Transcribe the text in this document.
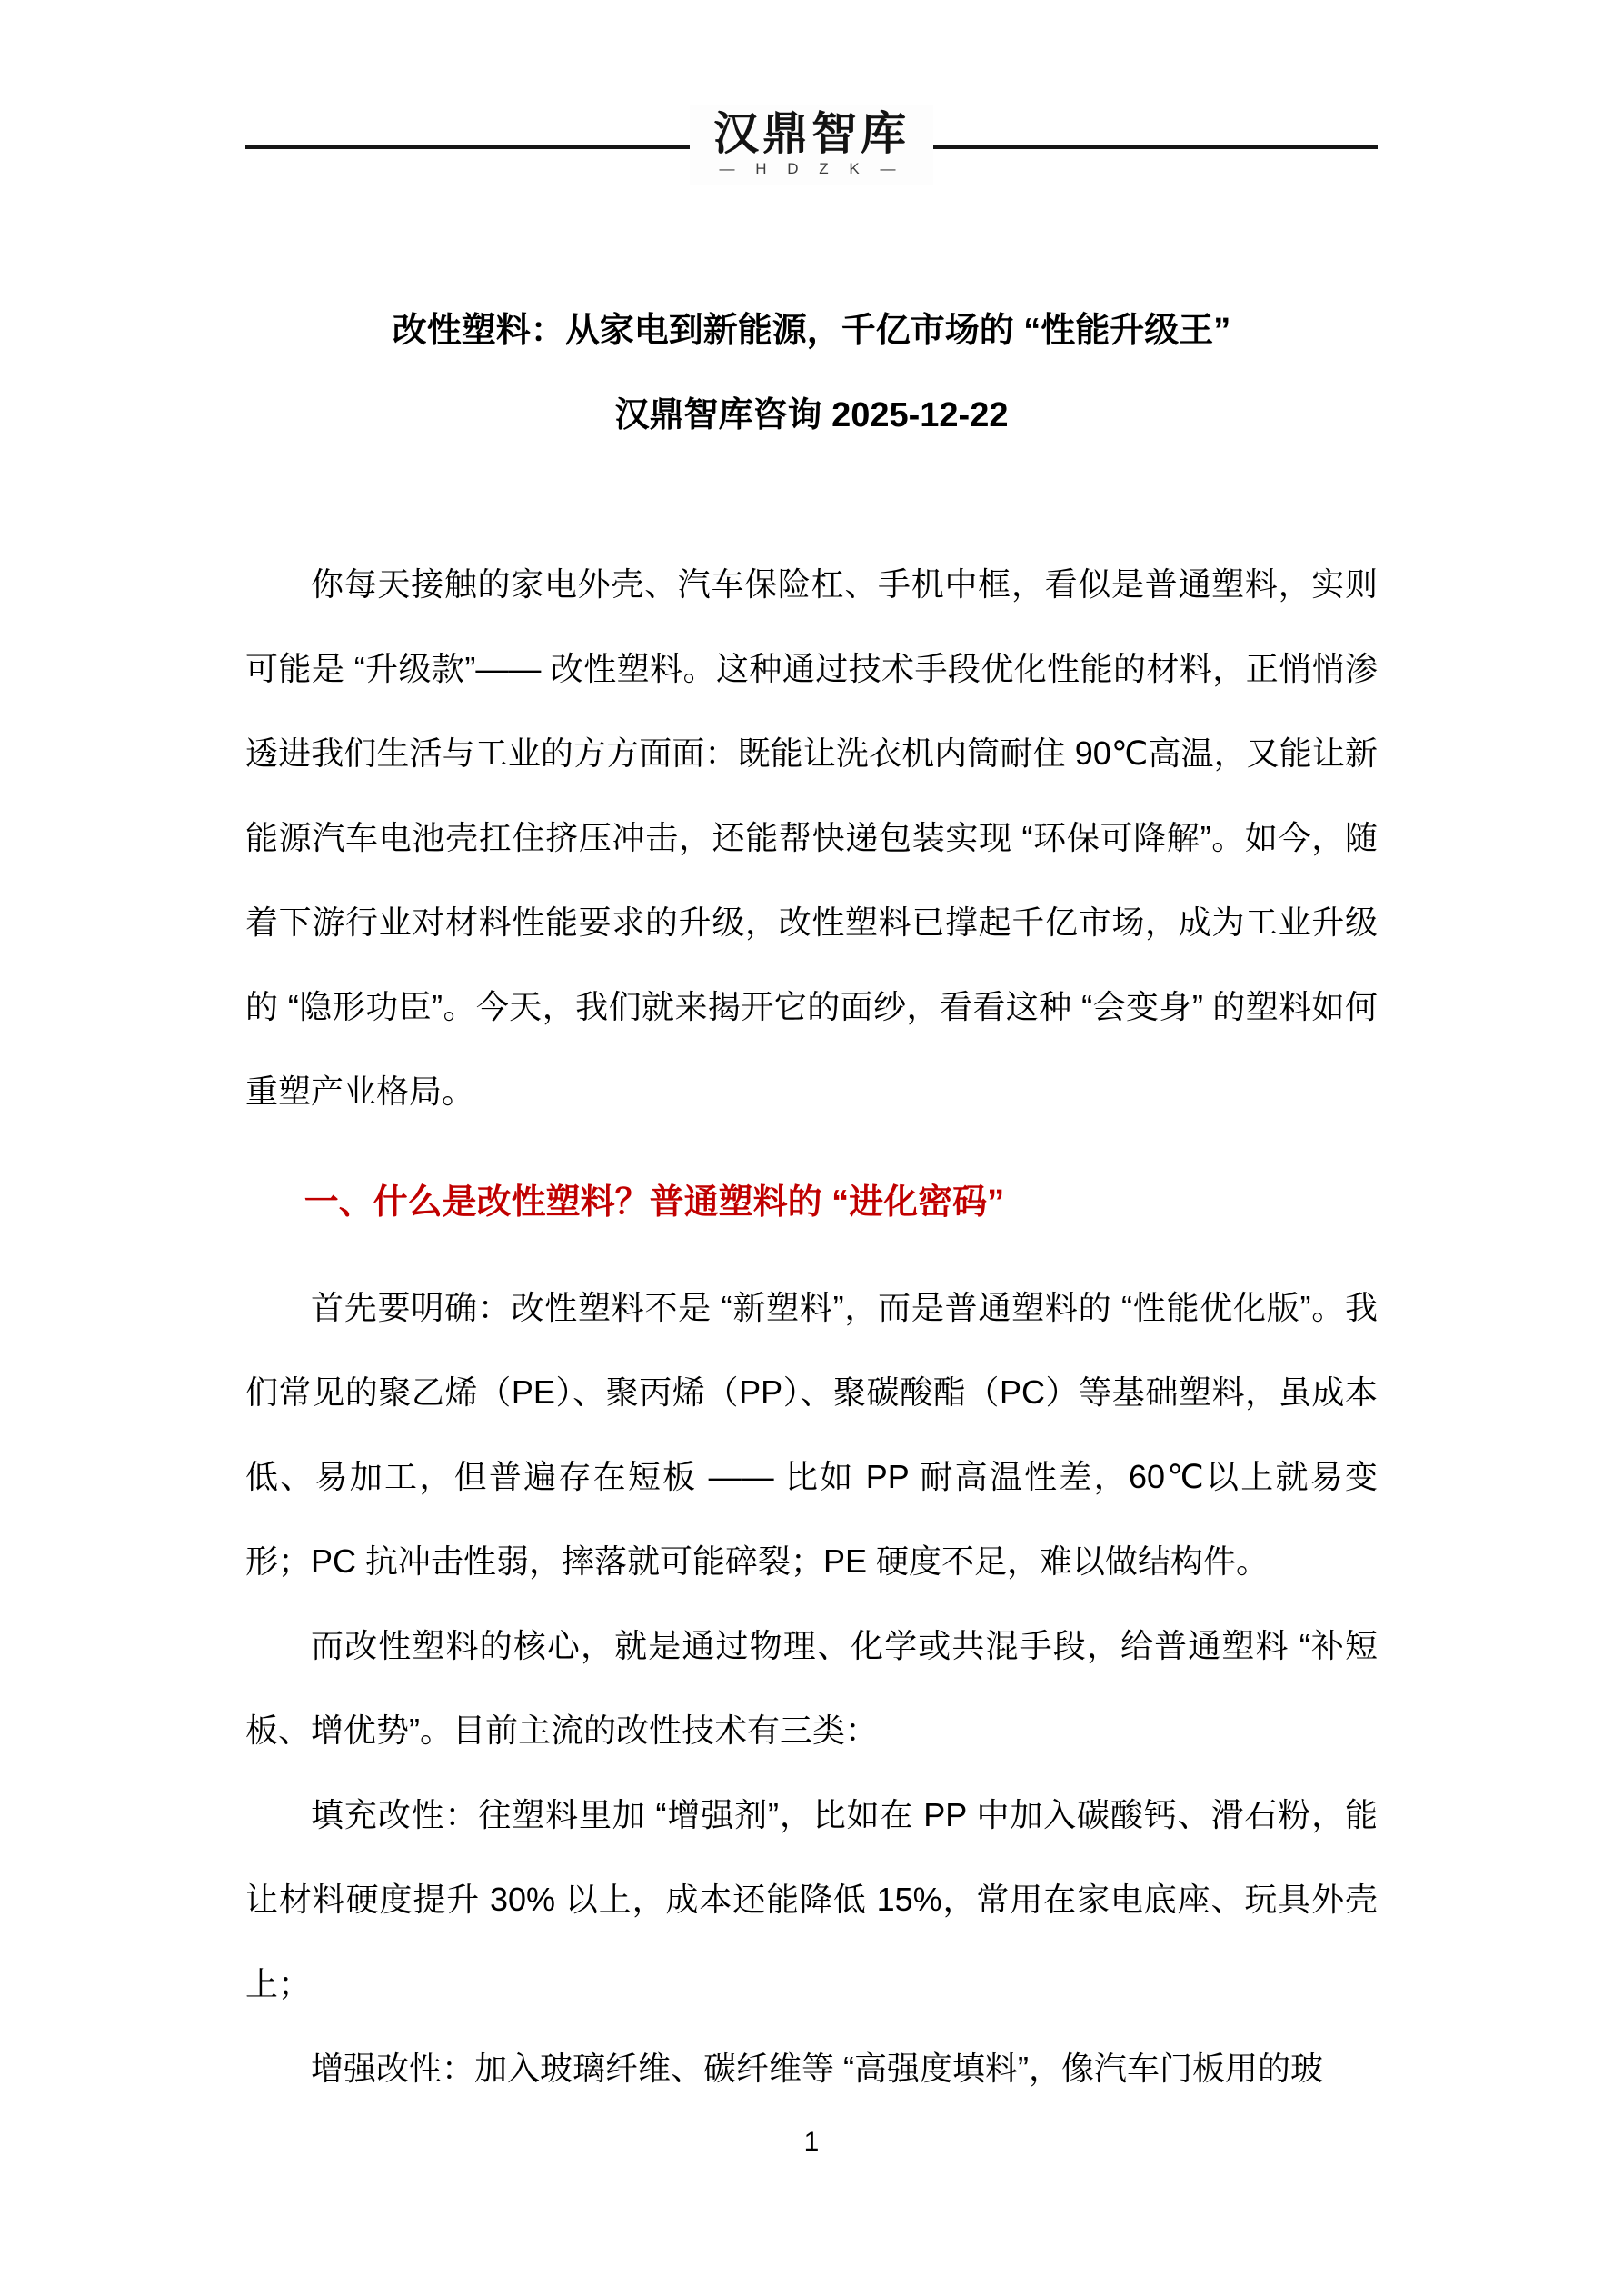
汉鼎智库
— H D Z K —
改性塑料：从家电到新能源，千亿市场的 “性能升级王”
汉鼎智库咨询 2025-12-22

你每天接触的家电外壳、汽车保险杠、手机中框，看似是普通塑料，实则可能是 “升级款”—— 改性塑料。这种通过技术手段优化性能的材料，正悄悄渗透进我们生活与工业的方方面面：既能让洗衣机内筒耐住 90℃高温，又能让新能源汽车电池壳扛住挤压冲击，还能帮快递包装实现 “环保可降解”。如今，随着下游行业对材料性能要求的升级，改性塑料已撑起千亿市场，成为工业升级的 “隐形功臣”。今天，我们就来揭开它的面纱，看看这种 “会变身” 的塑料如何重塑产业格局。

一、什么是改性塑料？普通塑料的 “进化密码”

首先要明确：改性塑料不是 “新塑料”，而是普通塑料的 “性能优化版”。我们常见的聚乙烯（PE）、聚丙烯（PP）、聚碳酸酯（PC）等基础塑料，虽成本低、易加工，但普遍存在短板 —— 比如 PP 耐高温性差，60℃以上就易变形；PC 抗冲击性弱，摔落就可能碎裂；PE 硬度不足，难以做结构件。

而改性塑料的核心，就是通过物理、化学或共混手段，给普通塑料 “补短板、增优势”。目前主流的改性技术有三类：

填充改性：往塑料里加 “增强剂”，比如在 PP 中加入碳酸钙、滑石粉，能让材料硬度提升 30% 以上，成本还能降低 15%，常用在家电底座、玩具外壳上；

增强改性：加入玻璃纤维、碳纤维等 “高强度填料”，像汽车门板用的玻

1
